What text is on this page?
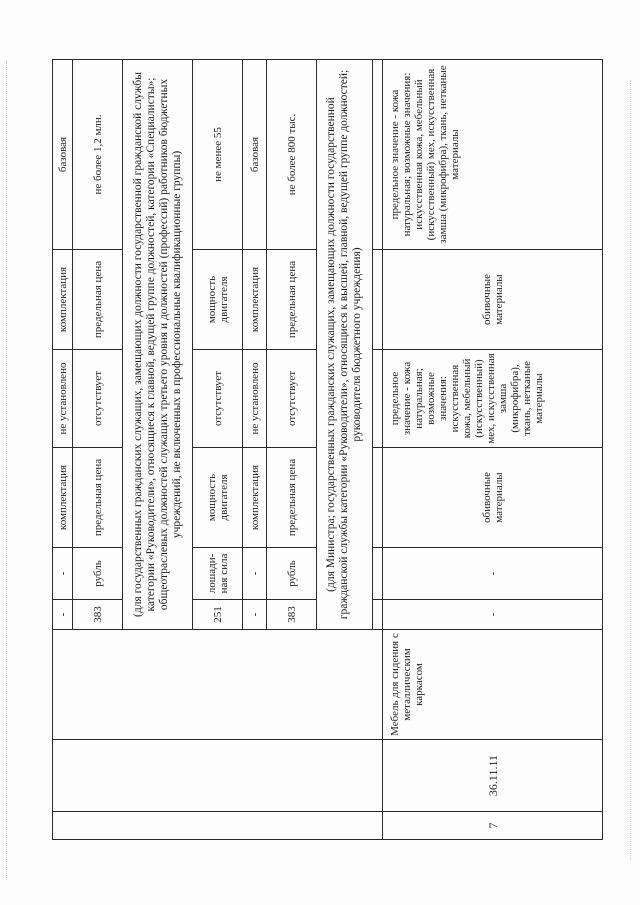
			-	-	комплектация	не установлено	комплектация	базовая
			383	рубль	предельная цена	отсутствует	предельная цена	не более 1,2 млн.
			(для государственных гражданских служащих, замещающих должности государственной гражданской службы категории «Руководители», относящиеся к главной, ведущей группе должностей, категории «Специалисты»; общеотраслевых должностей служащих третьего уровня и должностей (профессий) работников бюджетных учреждений, не включенных в профессиональные квалификационные группы)					
			251	лошади-ная сила	мощность двигателя	отсутствует	мощность двигателя	не менее 55
			-	-	комплектация	не установлено	комплектация	базовая
			383	рубль	предельная цена	отсутствует	предельная цена	не более 800 тыс.
			(для Министра; государственных гражданских служащих, замещающих должности государственной гражданской службы категории «Руководители», относящиеся к высшей, главной, ведущей группе должностей; руководителя бюджетного учреждения)					

7	36.11.11	Мебель для сидения с металлическим каркасом	-	-	обивочные материалы	предельное значение - кожа натуральная; возможные значения: искусственная кожа, мебельный (искусственный) мех, искусственная замша (микрофибра), ткань, нетканые материалы	обивочные материалы	предельное значение - кожа натуральная; возможные значения: искусственная кожа, мебельный (искусственный) мех, искусственная замша (микрофибра), ткань, нетканые материалы
